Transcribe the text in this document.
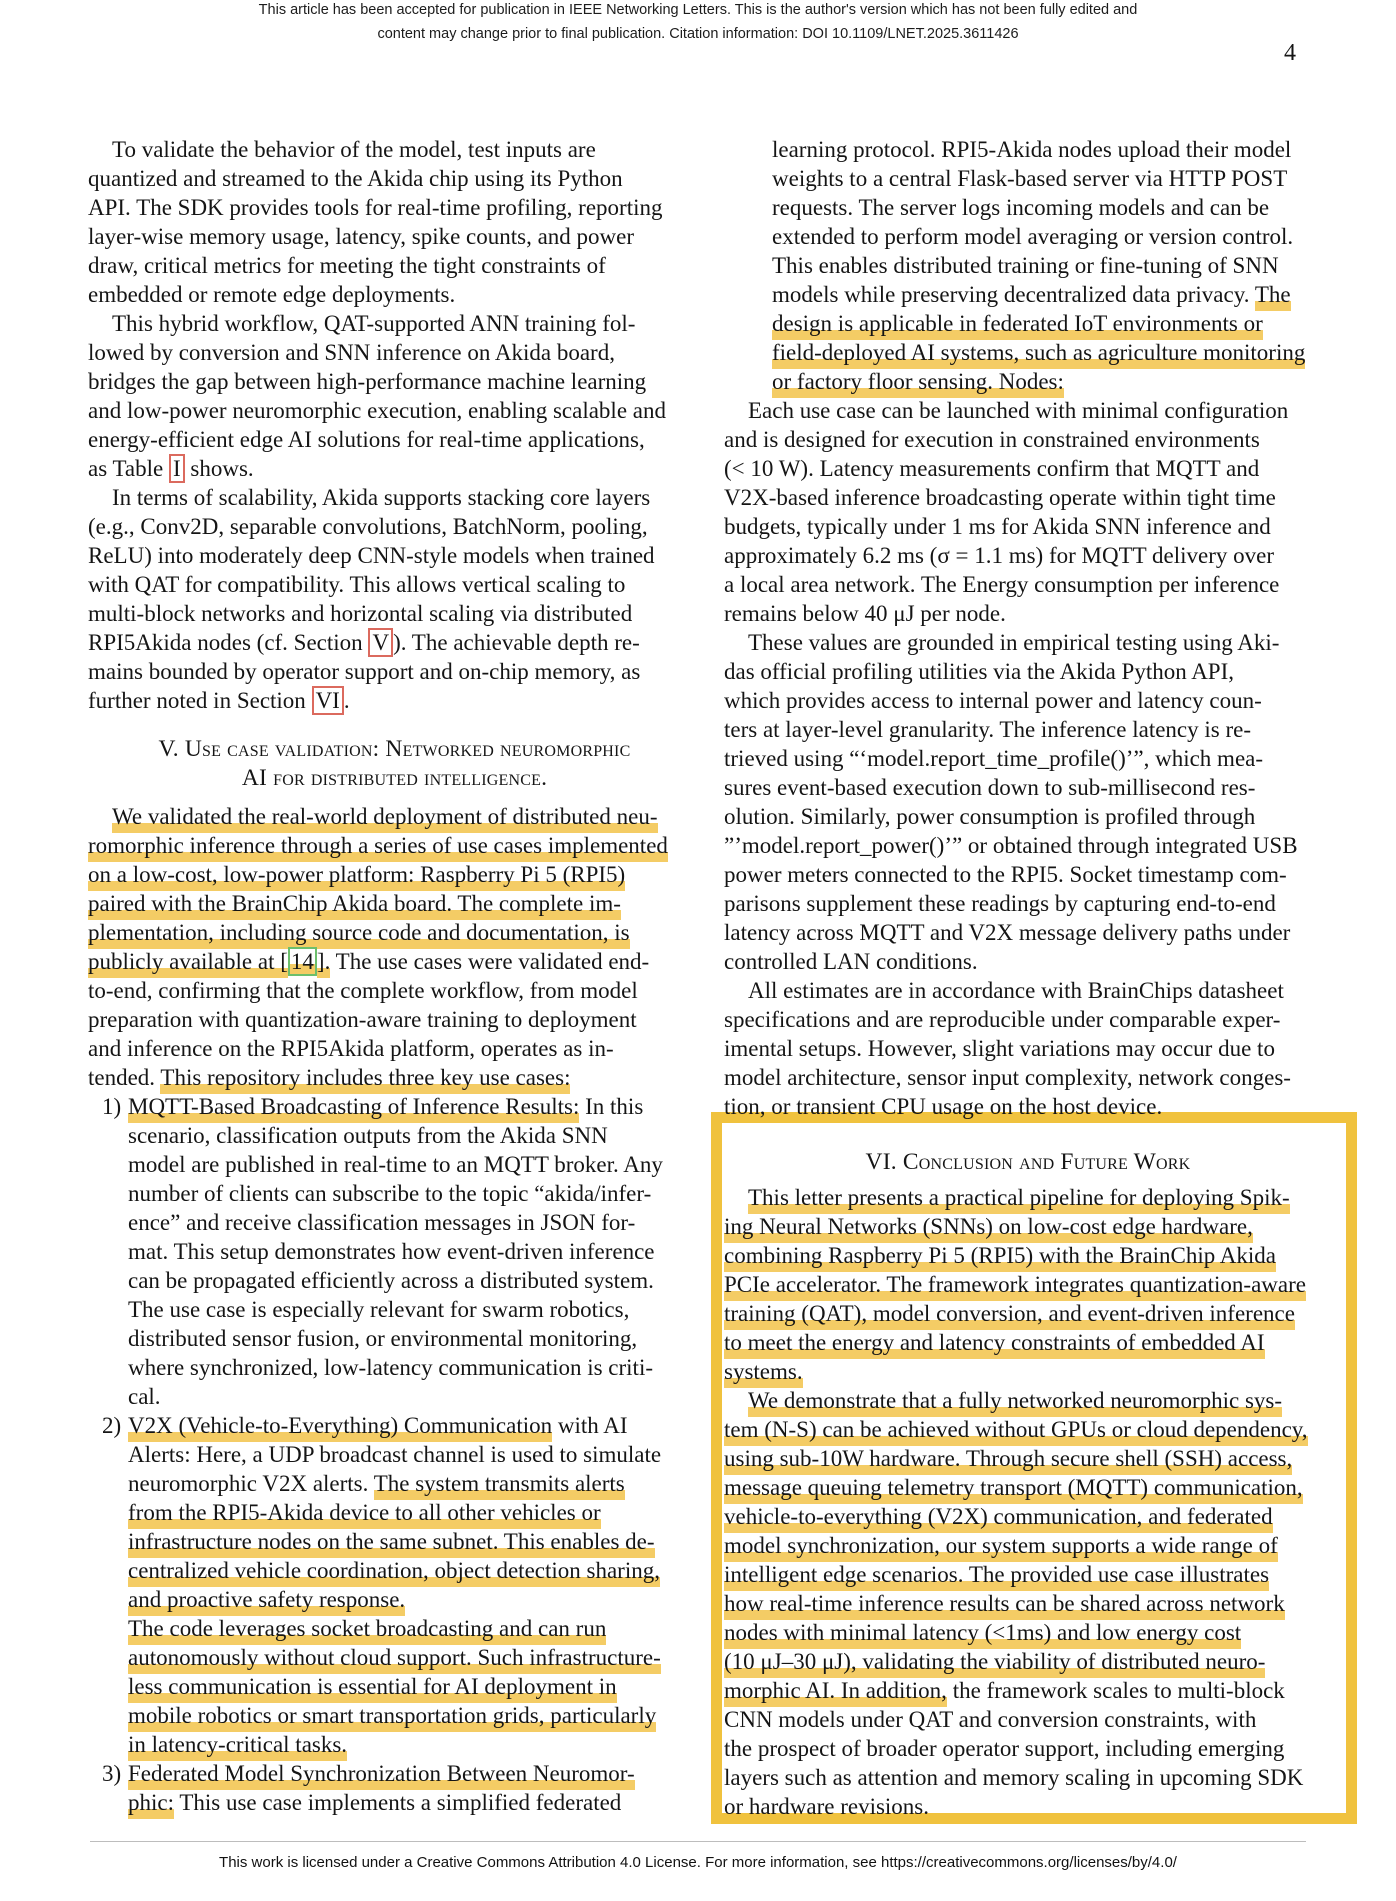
This article has been accepted for publication in IEEE Networking Letters. This is the author's version which has not been fully edited and
content may change prior to final publication. Citation information: DOI 10.1109/LNET.2025.3611426
4
To validate the behavior of the model, test inputs are
quantized and streamed to the Akida chip using its Python
API. The SDK provides tools for real-time profiling, reporting
layer-wise memory usage, latency, spike counts, and power
draw, critical metrics for meeting the tight constraints of
embedded or remote edge deployments.
This hybrid workflow, QAT-supported ANN training fol-
lowed by conversion and SNN inference on Akida board,
bridges the gap between high-performance machine learning
and low-power neuromorphic execution, enabling scalable and
energy-efficient edge AI solutions for real-time applications,
as Table I shows.
In terms of scalability, Akida supports stacking core layers
(e.g., Conv2D, separable convolutions, BatchNorm, pooling,
ReLU) into moderately deep CNN-style models when trained
with QAT for compatibility. This allows vertical scaling to
multi-block networks and horizontal scaling via distributed
RPI5Akida nodes (cf. Section V ). The achievable depth re-
mains bounded by operator support and on-chip memory, as
further noted in Section VI .
V. Use case validation: Networked neuromorphic
AI for distributed intelligence.
We validated the real-world deployment of distributed neu-
romorphic inference through a series of use cases implemented
on a low-cost, low-power platform: Raspberry Pi 5 (RPI5)
paired with the BrainChip Akida board. The complete im-
plementation, including source code and documentation, is
publicly available at [ 14 ]. The use cases were validated end-
to-end, confirming that the complete workflow, from model
preparation with quantization-aware training to deployment
and inference on the RPI5Akida platform, operates as in-
tended. This repository includes three key use cases:
1) MQTT-Based Broadcasting of Inference Results: In this
scenario, classification outputs from the Akida SNN
model are published in real-time to an MQTT broker. Any
number of clients can subscribe to the topic “akida/infer-
ence” and receive classification messages in JSON for-
mat. This setup demonstrates how event-driven inference
can be propagated efficiently across a distributed system.
The use case is especially relevant for swarm robotics,
distributed sensor fusion, or environmental monitoring,
where synchronized, low-latency communication is criti-
cal.
2) V2X (Vehicle-to-Everything) Communication with AI
Alerts: Here, a UDP broadcast channel is used to simulate
neuromorphic V2X alerts. The system transmits alerts
from the RPI5-Akida device to all other vehicles or
infrastructure nodes on the same subnet. This enables de-
centralized vehicle coordination, object detection sharing,
and proactive safety response.
The code leverages socket broadcasting and can run
autonomously without cloud support. Such infrastructure-
less communication is essential for AI deployment in
mobile robotics or smart transportation grids, particularly
in latency-critical tasks.
3) Federated Model Synchronization Between Neuromor-
phic: This use case implements a simplified federated
learning protocol. RPI5-Akida nodes upload their model
weights to a central Flask-based server via HTTP POST
requests. The server logs incoming models and can be
extended to perform model averaging or version control.
This enables distributed training or fine-tuning of SNN
models while preserving decentralized data privacy. The
design is applicable in federated IoT environments or
field-deployed AI systems, such as agriculture monitoring
or factory floor sensing. Nodes:
Each use case can be launched with minimal configuration
and is designed for execution in constrained environments
(< 10 W). Latency measurements confirm that MQTT and
V2X-based inference broadcasting operate within tight time
budgets, typically under 1 ms for Akida SNN inference and
approximately 6.2 ms (σ = 1.1 ms) for MQTT delivery over
a local area network. The Energy consumption per inference
remains below 40 μJ per node.
These values are grounded in empirical testing using Aki-
das official profiling utilities via the Akida Python API,
which provides access to internal power and latency coun-
ters at layer-level granularity. The inference latency is re-
trieved using “‘model.report_time_profile()’”, which mea-
sures event-based execution down to sub-millisecond res-
olution. Similarly, power consumption is profiled through
”’model.report_power()’” or obtained through integrated USB
power meters connected to the RPI5. Socket timestamp com-
parisons supplement these readings by capturing end-to-end
latency across MQTT and V2X message delivery paths under
controlled LAN conditions.
All estimates are in accordance with BrainChips datasheet
specifications and are reproducible under comparable exper-
imental setups. However, slight variations may occur due to
model architecture, sensor input complexity, network conges-
tion, or transient CPU usage on the host device.
VI. Conclusion and Future Work
This letter presents a practical pipeline for deploying Spik-
ing Neural Networks (SNNs) on low-cost edge hardware,
combining Raspberry Pi 5 (RPI5) with the BrainChip Akida
PCIe accelerator. The framework integrates quantization-aware
training (QAT), model conversion, and event-driven inference
to meet the energy and latency constraints of embedded AI
systems.
We demonstrate that a fully networked neuromorphic sys-
tem (N-S) can be achieved without GPUs or cloud dependency,
using sub-10W hardware. Through secure shell (SSH) access,
message queuing telemetry transport (MQTT) communication,
vehicle-to-everything (V2X) communication, and federated
model synchronization, our system supports a wide range of
intelligent edge scenarios. The provided use case illustrates
how real-time inference results can be shared across network
nodes with minimal latency (<1ms) and low energy cost
(10 μJ–30 μJ), validating the viability of distributed neuro-
morphic AI. In addition, the framework scales to multi-block
CNN models under QAT and conversion constraints, with
the prospect of broader operator support, including emerging
layers such as attention and memory scaling in upcoming SDK
or hardware revisions.
This work is licensed under a Creative Commons Attribution 4.0 License. For more information, see https://creativecommons.org/licenses/by/4.0/
